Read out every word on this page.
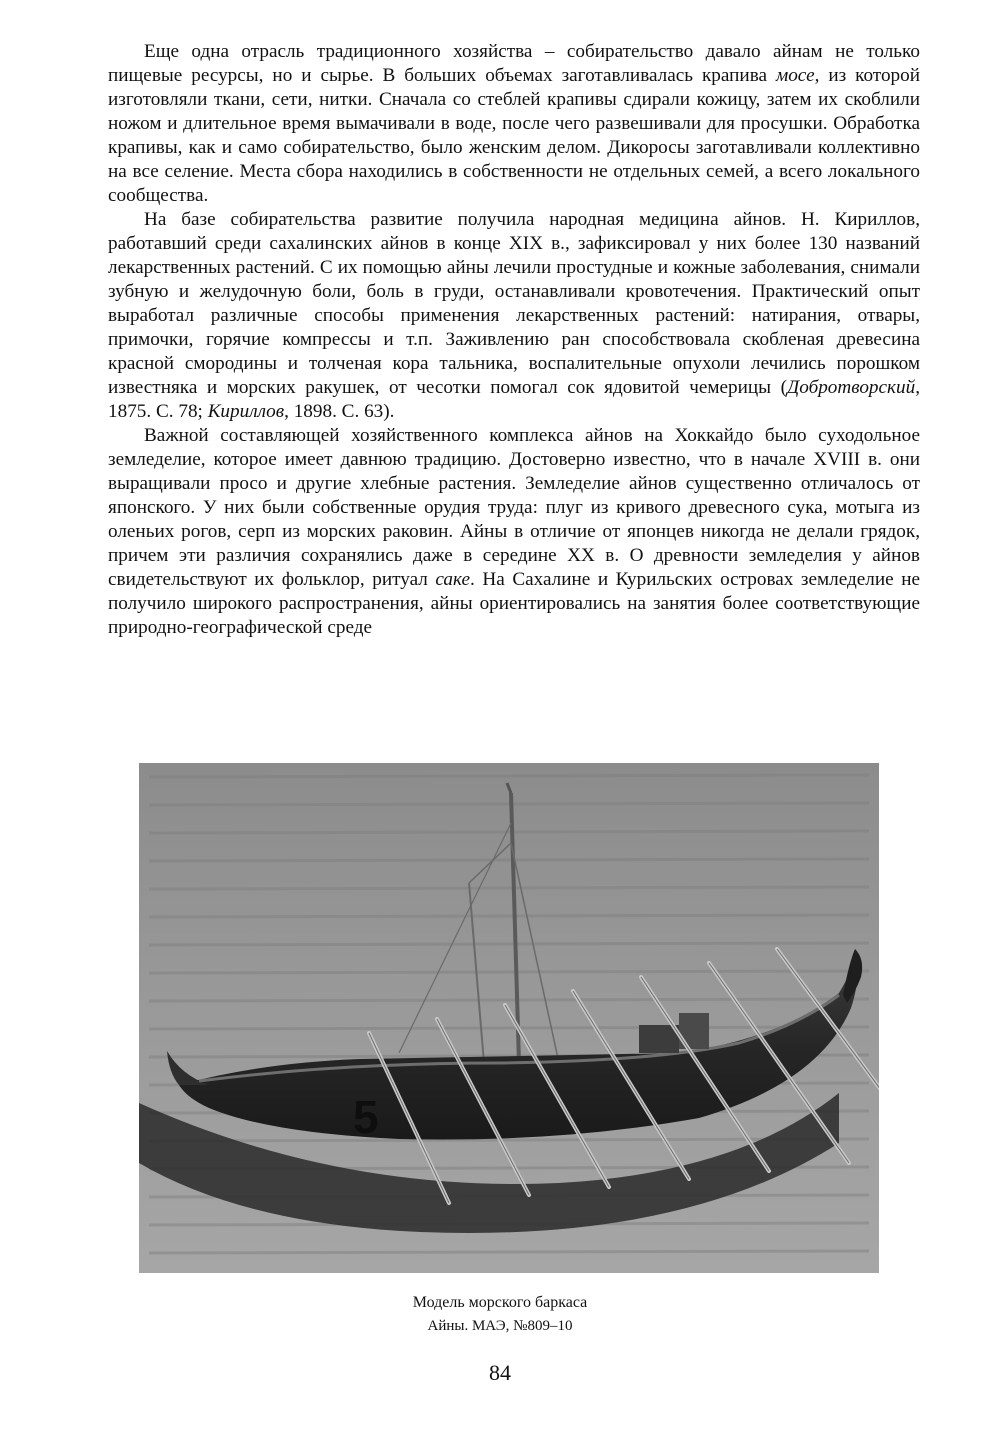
Еще одна отрасль традиционного хозяйства – собирательство давало айнам не только пищевые ресурсы, но и сырье. В больших объемах заготавливалась крапива мосе, из которой изготовляли ткани, сети, нитки. Сначала со стеблей крапивы сдирали кожицу, затем их скоблили ножом и длительное время вымачивали в воде, после чего развешивали для просушки. Обработка крапивы, как и само собирательство, было женским делом. Дикоросы заготавливали коллективно на все селение. Места сбора находились в собственности не отдельных семей, а всего локального сообщества.

На базе собирательства развитие получила народная медицина айнов. Н. Кириллов, работавший среди сахалинских айнов в конце XIX в., зафиксировал у них более 130 названий лекарственных растений. С их помощью айны лечили простудные и кожные заболевания, снимали зубную и желудочную боли, боль в груди, останавливали кровотечения. Практический опыт выработал различные способы применения лекарственных растений: натирания, отвары, примочки, горячие компрессы и т.п. Заживлению ран способствовала скобленая древесина красной смородины и толченая кора тальника, воспалительные опухоли лечились порошком известняка и морских ракушек, от чесотки помогал сок ядовитой чемерицы (Добротворский, 1875. С. 78; Кириллов, 1898. С. 63).

Важной составляющей хозяйственного комплекса айнов на Хоккайдо было суходольное земледелие, которое имеет давнюю традицию. Достоверно известно, что в начале XVIII в. они выращивали просо и другие хлебные растения. Земледелие айнов существенно отличалось от японского. У них были собственные орудия труда: плуг из кривого древесного сука, мотыга из оленьих рогов, серп из морских раковин. Айны в отличие от японцев никогда не делали грядок, причем эти различия сохранялись даже в середине XX в. О древности земледелия у айнов свидетельствуют их фольклор, ритуал саке. На Сахалине и Курильских островах земледелие не получило широкого распространения, айны ориентировались на занятия более соответствующие природно-географической среде

5
Модель морского баркаса
Айны. МАЭ, №809–10
84
